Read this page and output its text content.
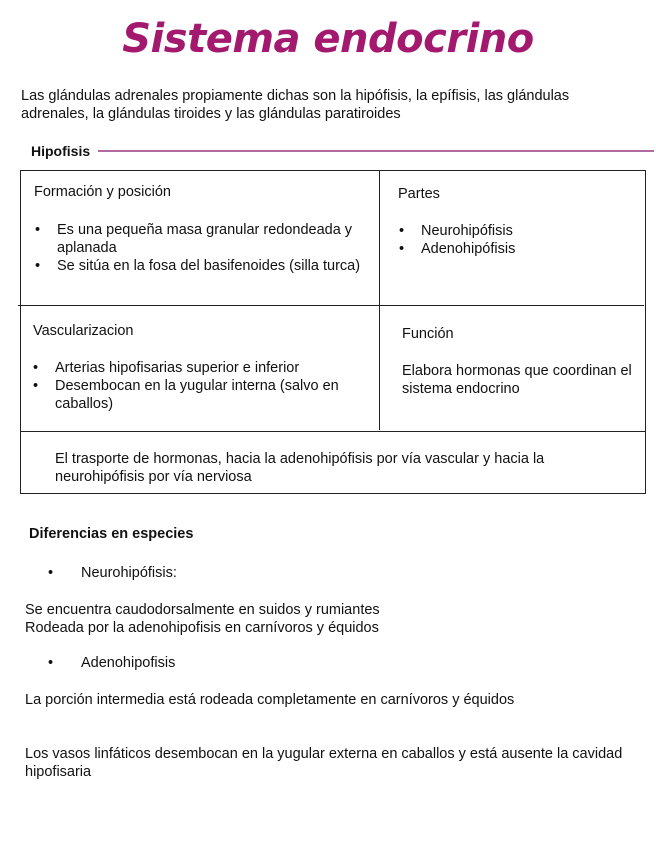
Sistema endocrino

Las glándulas adrenales propiamente dichas son la hipófisis, la epífisis, las glándulas adrenales, la glándulas tiroides y las glándulas paratiroides

Hipofisis
Formación y posición
• Es una pequeña masa granular redondeada y aplanada
• Se sitúa en la fosa del basifenoides (silla turca)
Partes
• Neurohipófisis
• Adenohipófisis
Vascularizacion
• Arterias hipofisarias superior e inferior
• Desembocan en la yugular interna (salvo en caballos)
Función

Elabora hormonas que coordinan el sistema endocrino

El trasporte de hormonas, hacia la adenohipófisis por vía vascular y hacia la neurohipófisis por vía nerviosa

Diferencias en especies
•	Neurohipófisis:

Se encuentra caudodorsalmente en suidos y rumiantes

Rodeada por la adenohipofisis en carnívoros y équidos

•	Adenohipofisis

La porción intermedia está rodeada completamente en carnívoros y équidos

Los vasos linfáticos desembocan en la yugular externa en caballos y está ausente la cavidad hipofisaria
